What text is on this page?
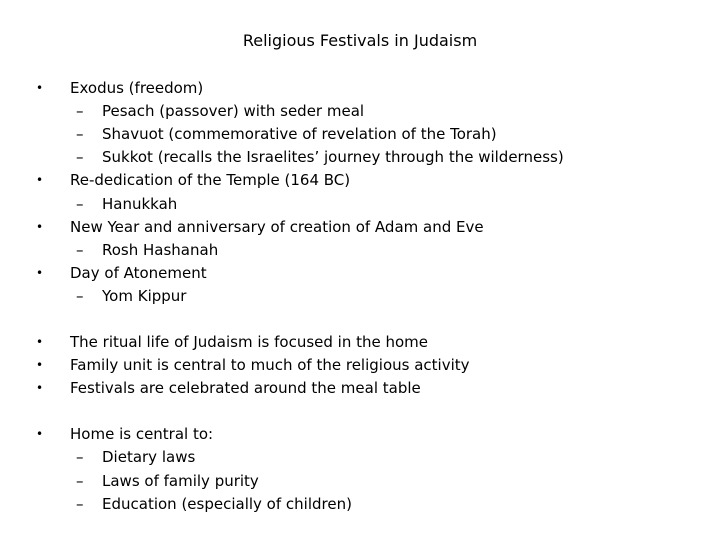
Religious Festivals in Judaism
• Exodus (freedom)
– Pesach (passover) with seder meal
– Shavuot (commemorative of revelation of the Torah)
– Sukkot (recalls the Israelites’ journey through the wilderness)
• Re-dedication of the Temple (164 BC)
– Hanukkah
• New Year and anniversary of creation of Adam and Eve
– Rosh Hashanah
• Day of Atonement
– Yom Kippur
• The ritual life of Judaism is focused in the home
• Family unit is central to much of the religious activity
• Festivals are celebrated around the meal table
• Home is central to:
– Dietary laws
– Laws of family purity
– Education (especially of children)
